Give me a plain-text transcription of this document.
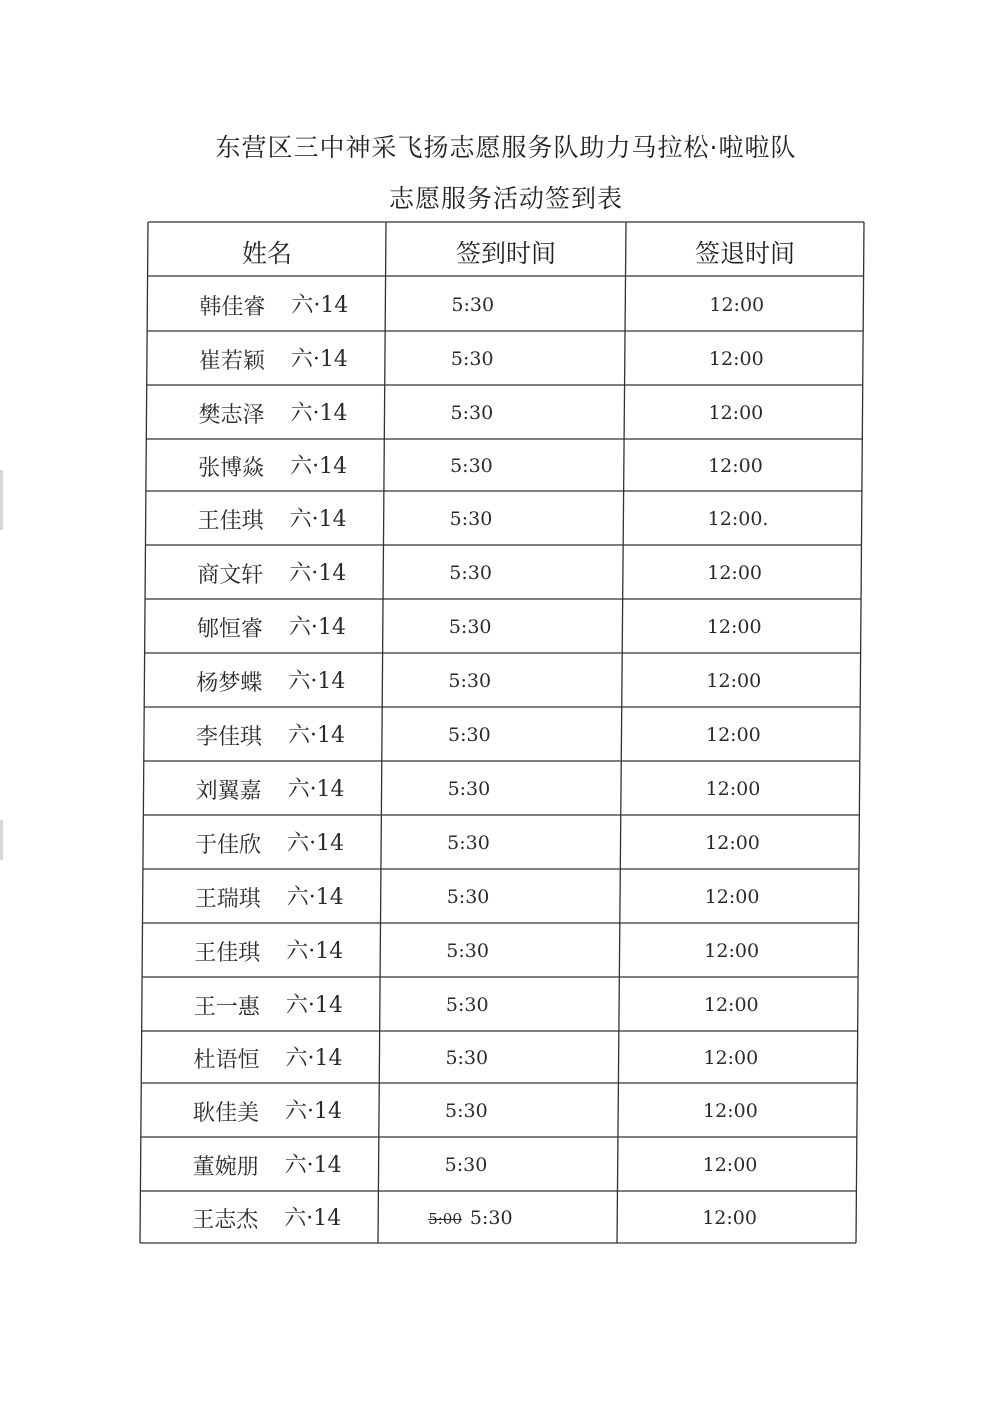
东营区三中神采飞扬志愿服务队助力马拉松·啦啦队
志愿服务活动签到表
姓名	签到时间	签退时间
韩佳睿 六·14	5:30	12:00
崔若颖 六·14	5:30	12:00
樊志泽 六·14	5:30	12:00
张博焱 六·14	5:30	12:00
王佳琪 六·14	5:30	12:00.
商文轩 六·14	5:30	12:00
郇恒睿 六·14	5:30	12:00
杨梦蝶 六·14	5:30	12:00
李佳琪 六·14	5:30	12:00
刘翼嘉 六·14	5:30	12:00
于佳欣 六·14	5:30	12:00
王瑞琪 六·14	5:30	12:00
王佳琪 六·14	5:30	12:00
王一惠 六·14	5:30	12:00
杜语恒 六·14	5:30	12:00
耿佳美 六·14	5:30	12:00
董婉朋 六·14	5:30	12:00
王志杰 六·14	5:00 5:30	12:00
